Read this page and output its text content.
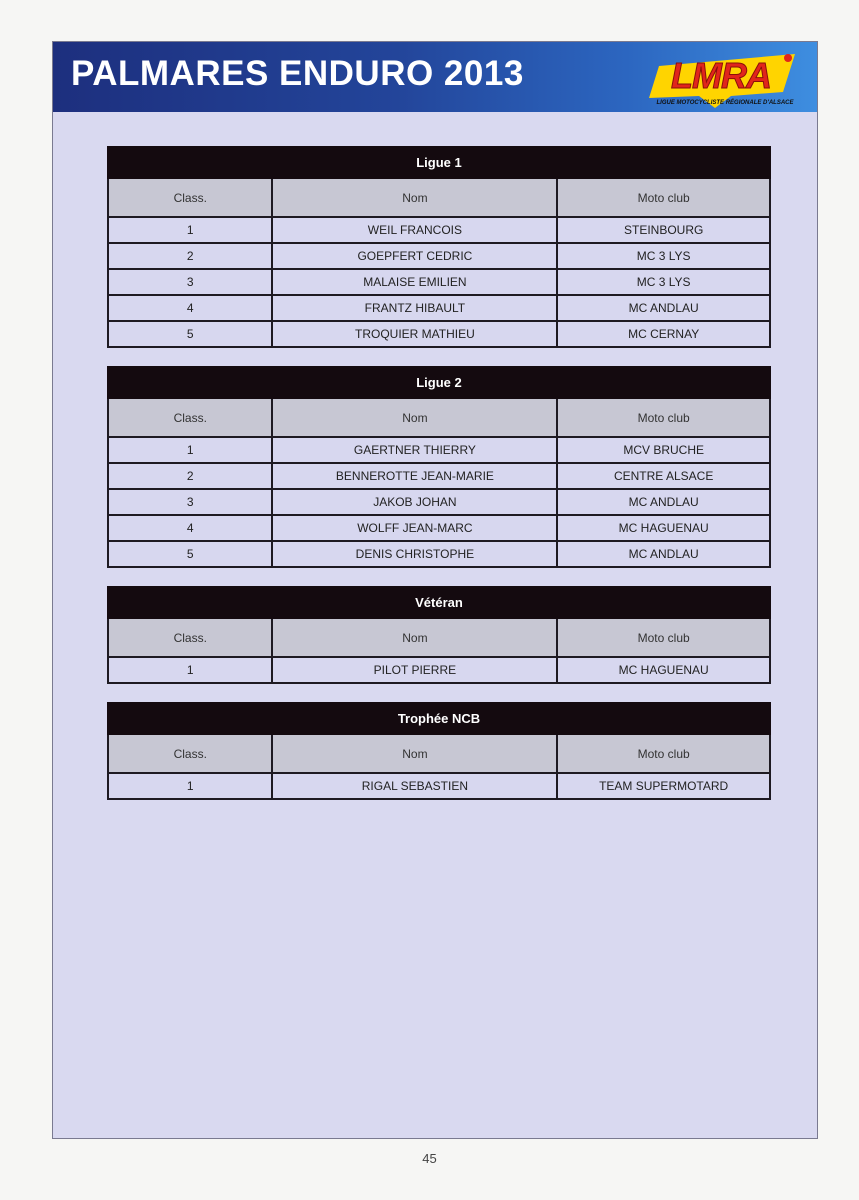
PALMARES ENDURO 2013	LMRA
LIGUE MOTOCYCLISTE RÉGIONALE D'ALSACE
Ligue 1		
Class.	Nom	Moto club
1	WEIL FRANCOIS	STEINBOURG
2	GOEPFERT CEDRIC	MC 3 LYS
3	MALAISE EMILIEN	MC 3 LYS
4	FRANTZ HIBAULT	MC ANDLAU
5	TROQUIER MATHIEU	MC CERNAY
Ligue 2		
Class.	Nom	Moto club
1	GAERTNER THIERRY	MCV BRUCHE
2	BENNEROTTE JEAN-MARIE	CENTRE ALSACE
3	JAKOB JOHAN	MC ANDLAU
4	WOLFF JEAN-MARC	MC HAGUENAU
5	DENIS CHRISTOPHE	MC ANDLAU
Vétéran		
Class.	Nom	Moto club
1	PILOT PIERRE	MC HAGUENAU
Trophée NCB		
Class.	Nom	Moto club
1	RIGAL SEBASTIEN	TEAM SUPERMOTARD
45
